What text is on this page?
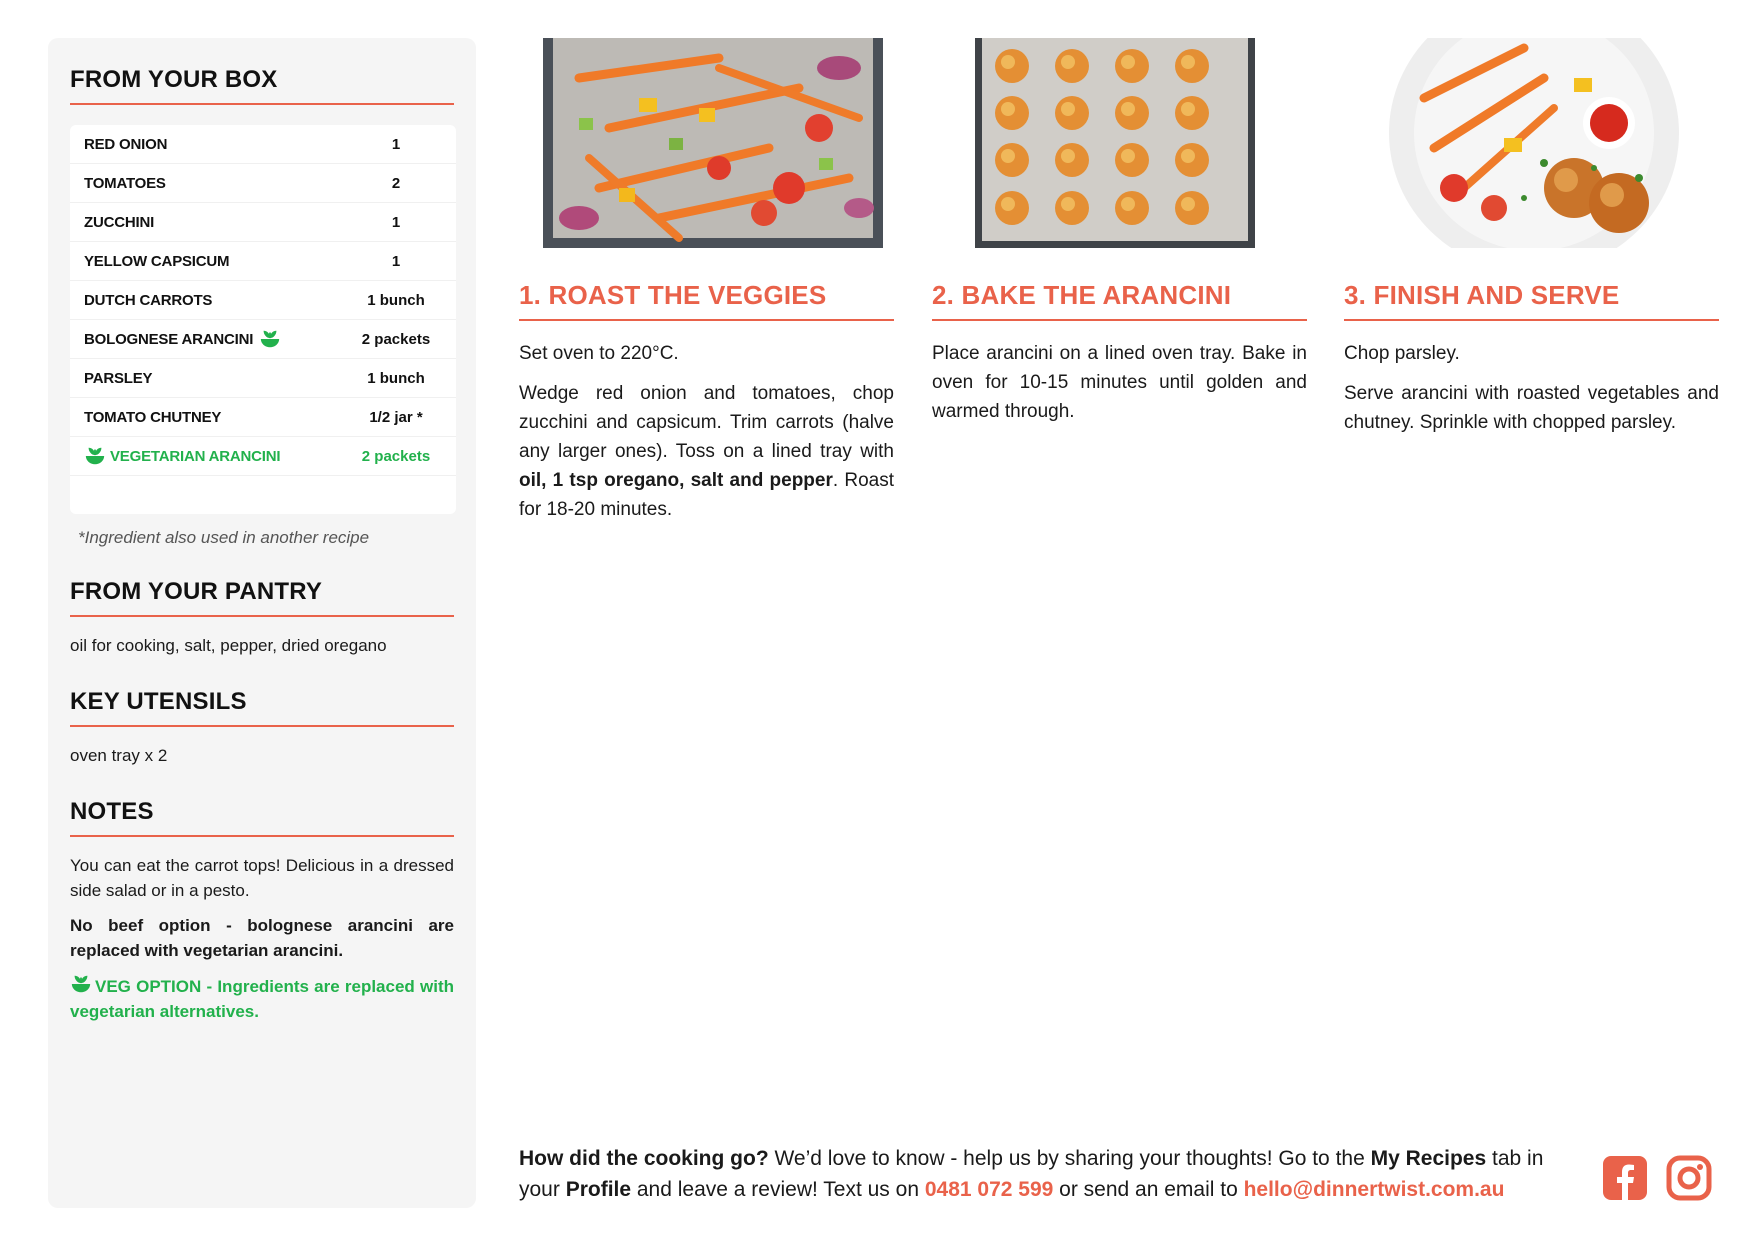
FROM YOUR BOX
RED ONION	1
TOMATOES	2
ZUCCHINI	1
YELLOW CAPSICUM	1
DUTCH CARROTS	1 bunch
BOLOGNESE ARANCINI	2 packets
PARSLEY	1 bunch
TOMATO CHUTNEY	1/2 jar *
VEGETARIAN ARANCINI	2 packets
*Ingredient also used in another recipe
FROM YOUR PANTRY

oil for cooking, salt, pepper, dried oregano

KEY UTENSILS

oven tray x 2

NOTES

You can eat the carrot tops! Delicious in a dressed side salad or in a pesto.

No beef option - bolognese arancini are replaced with vegetarian arancini.

VEG OPTION - Ingredients are replaced with vegetarian alternatives.

1. ROAST THE VEGGIES

Set oven to 220°C.

Wedge red onion and tomatoes, chop zucchini and capsicum. Trim carrots (halve any larger ones). Toss on a lined tray with oil, 1 tsp oregano, salt and pepper. Roast for 18-20 minutes.

2. BAKE THE ARANCINI

Place arancini on a lined oven tray. Bake in oven for 10-15 minutes until golden and warmed through.

3. FINISH AND SERVE

Chop parsley.

Serve arancini with roasted vegetables and chutney. Sprinkle with chopped parsley.

How did the cooking go? We’d love to know - help us by sharing your thoughts! Go to the My Recipes tab in your Profile and leave a review! Text us on 0481 072 599 or send an email to hello@dinnertwist.com.au
